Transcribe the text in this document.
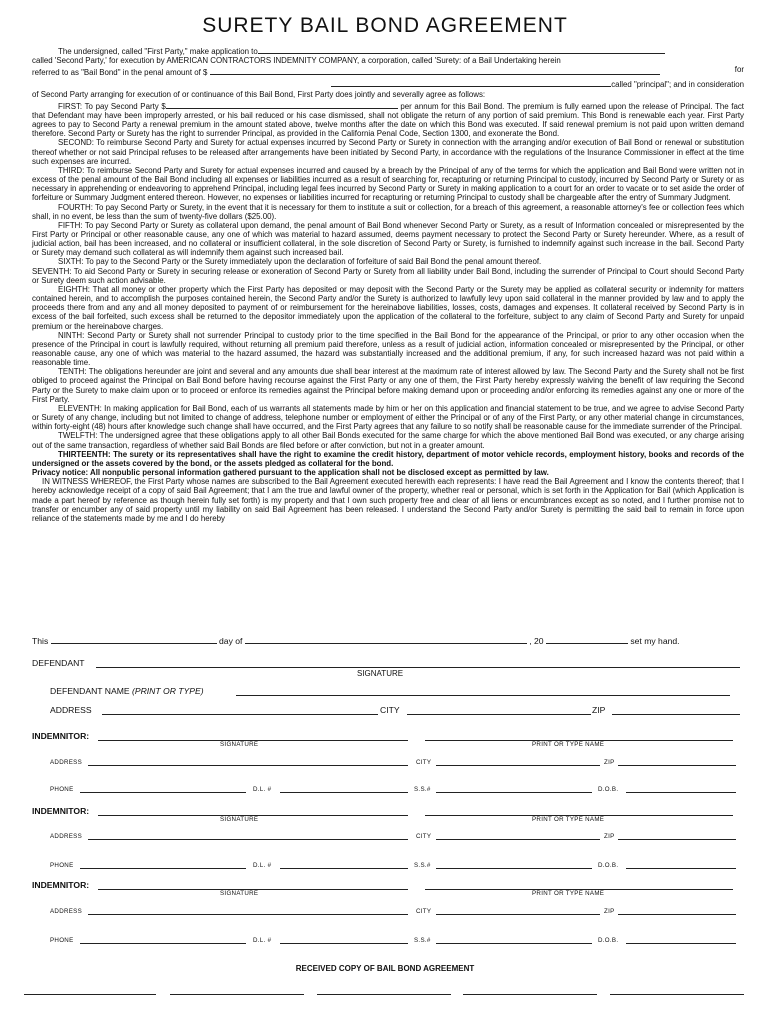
SURETY BAIL BOND AGREEMENT

The undersigned, called "First Party," make application to

called 'Second Party,' for execution by AMERICAN CONTRACTORS INDEMNITY COMPANY, a corporation, called 'Surety: of a Bail Undertaking herein

referred to as "Bail Bond" in the penal amount of $	for

called "principal"; and in consideration

of Second Party arranging for execution of or continuance of this Bail Bond, First Party does jointly and severally agree as follows:

FIRST: To pay Second Party $	per annum for this Bail Bond. The premium is fully earned upon the release of Principal. The fact that Defendant may have been improperly arrested, or his bail reduced or his case dismissed, shall not obligate the return of any portion of said premium. This Bond is renewable each year. First Party agrees to pay to Second Party a renewal premium in the amount stated above, twelve months after the date on which this Bond was executed. If said renewal premium is not paid upon written demand therefore. Second Party or Surety has the right to surrender Principal, as provided in the California Penal Code, Section 1300, and exonerate the Bond.

SECOND: To reimburse Second Party and Surety for actual expenses incurred by Second Party or Surety in connection with the arranging and/or execution of Bail Bond or renewal or substitution thereof whether or not said Principal refuses to be released after arrangements have been initiated by Second Party, in accordance with the regulations of the Insurance Commissioner in effect at the time such expenses are incurred.

THIRD: To reimburse Second Party and Surety for actual expenses incurred and caused by a breach by the Principal of any of the terms for which the application and Bail Bond were written not in excess of the penal amount of the Bail Bond including all expenses or liabilities incurred as a result of searching for, recapturing or returning Principal to custody, incurred by Second Party or Surety or as necessary in apprehending or endeavoring to apprehend Principal, including legal fees incurred by Second Party or Surety in making application to a court for an order to vacate or to set aside the order of forfeiture or Summary Judgment entered thereon. However, no expenses or liabilities incurred for recapturing or returning Principal to custody shall be chargeable after the entry of Summary Judgment.

FOURTH: To pay Second Party or Surety, in the event that it is necessary for them to institute a suit or collection, for a breach of this agreement, a reasonable attorney's fee or collection fees which shall, in no event, be less than the sum of twenty-five dollars ($25.00).

FIFTH: To pay Second Party or Surety as collateral upon demand, the penal amount of Bail Bond whenever Second Party or Surety, as a result of Information concealed or misrepresented by the First Party or Principal or other reasonable cause, any one of which was material to hazard assumed, deems payment necessary to protect the Second Party or Surety hereunder. Where, as a result of judicial action, bail has been increased, and no collateral or insufficient collateral, in the sole discretion of Second Party or Surety, is furnished to indemnify against such increase in the bail. Second Party or Surety may demand such collateral as will indemnify them against such increased bail.

SIXTH: To pay to the Second Party or the Surety immediately upon the declaration of forfeiture of said Bail Bond the penal amount thereof.

SEVENTH: To aid Second Party or Surety in securing release or exoneration of Second Party or Surety from all liability under Bail Bond, including the surrender of Principal to Court should Second Party or Surety deem such action advisable.

EIGHTH: That all money or other property which the First Party has deposited or may deposit with the Second Party or the Surety may be applied as collateral security or indemnity for matters contained herein, and to accomplish the purposes contained herein, the Second Party and/or the Surety is authorized to lawfully levy upon said collateral in the manner provided by law and to apply the proceeds there from and any and all money deposited to payment of or reimbursement for the hereinabove liabilities, losses, costs, damages and expenses. It collateral received by Second Party is in excess of the bail forfeited, such excess shall be returned to the depositor immediately upon the application of the collateral to the forfeiture, subject to any claim of Second Party and Surety for unpaid premium or the hereinabove charges.

NINTH: Second Party or Surety shall not surrender Principal to custody prior to the time specified in the Bail Bond for the appearance of the Principal, or prior to any other occasion when the presence of the Principal in court is lawfully required, without returning all premium paid therefore, unless as a result of judicial action, information concealed or misrepresented by the Principal, or other reasonable cause, any one of which was material to the hazard assumed, the hazard was substantially increased and the additional premium, if any, for such increased hazard was not paid within a reasonable time.

TENTH: The obligations hereunder are joint and several and any amounts due shall bear interest at the maximum rate of interest allowed by law. The Second Party and the Surety shall not be first obliged to proceed against the Principal on Bail Bond before having recourse against the First Party or any one of them, the First Party hereby expressly waiving the benefit of law requiring the Second Party or the Surety to make claim upon or to proceed or enforce its remedies against the Principal before making demand upon or proceeding and/or enforcing its remedies against any one or more of the First Party.

ELEVENTH: In making application for Bail Bond, each of us warrants all statements made by him or her on this application and financial statement to be true, and we agree to advise Second Party or Surety of any change, including but not limited to change of address, telephone number or employment of either the Principal or of any of the First Party, or any other material change in circumstances, within forty-eight (48) hours after knowledge such change shall have occurred, and the First Party agrees that any failure to so notify shall be reasonable cause for the immediate surrender of the Principal.

TWELFTH: The undersigned agree that these obligations apply to all other Bail Bonds executed for the same charge for which the above mentioned Bail Bond was executed, or any charge arising out of the same transaction, regardless of whether said Bail Bonds are filed before or after conviction, but not in a greater amount.

THIRTEENTH: The surety or its representatives shall have the right to examine the credit history, department of motor vehicle records, employment history, books and records of the undersigned or the assets covered by the bond, or the assets pledged as collateral for the bond.

Privacy notice: All nonpublic personal information gathered pursuant to the application shall not be disclosed except as permitted by law.

IN WITNESS WHEREOF, the First Party whose names are subscribed to the Bail Agreement executed herewith each represents: I have read the Bail Agreement and I know the contents thereof; that I hereby acknowledge receipt of a copy of said Bail Agreement; that I am the true and lawful owner of the property, whether real or personal, which is set forth in the Application for Bail (which Application is made a part hereof by reference as though herein fully set forth) is my property and that I own such property free and clear of all liens or encumbrances except as so noted, and I further promise not to transfer or encumber any of said property until my liability on said Bail Agreement has been released. I understand the Second Party and/or Surety is permitting the said bail to remain in force upon reliance of the statements made by me and I do hereby

This	day of	, 20	set my hand.
DEFENDANT
SIGNATURE
DEFENDANT NAME (PRINT OR TYPE)
ADDRESS	CITY	ZIP
INDEMNITOR:
SIGNATURE	PRINT OR TYPE NAME
ADDRESS	CITY	ZIP
PHONE	D.L. #	S.S.#	D.O.B.
INDEMNITOR:
SIGNATURE	PRINT OR TYPE NAME
ADDRESS	CITY	ZIP
PHONE	D.L. #	S.S.#	D.O.B.
INDEMNITOR:
SIGNATURE	PRINT OR TYPE NAME
ADDRESS	CITY	ZIP
PHONE	D.L. #	S.S.#	D.O.B.
RECEIVED COPY OF BAIL BOND AGREEMENT
